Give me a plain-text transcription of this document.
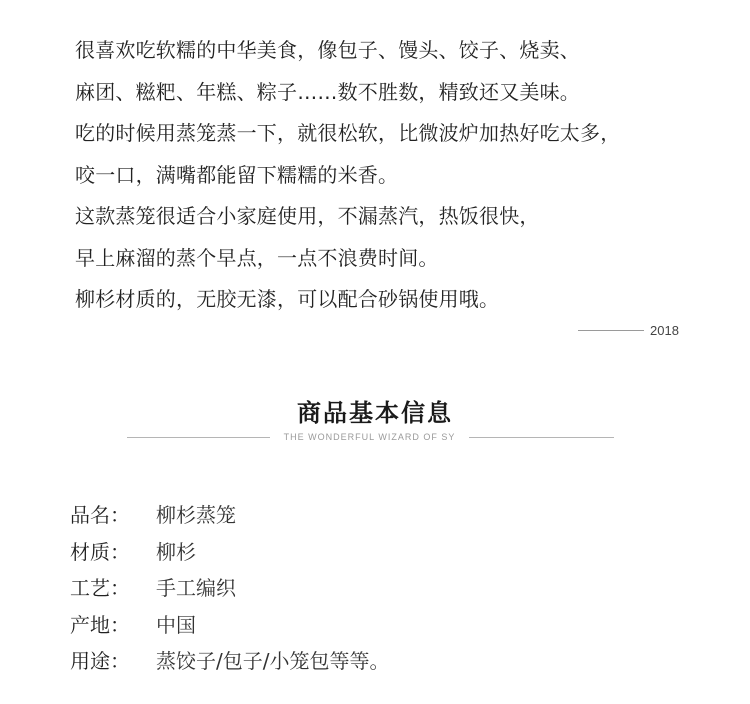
很喜欢吃软糯的中华美食，像包子、馒头、饺子、烧卖、
麻团、糍粑、年糕、粽子……数不胜数，精致还又美味。
吃的时候用蒸笼蒸一下，就很松软，比微波炉加热好吃太多，
咬一口，满嘴都能留下糯糯的米香。
这款蒸笼很适合小家庭使用，不漏蒸汽，热饭很快，
早上麻溜的蒸个早点，一点不浪费时间。
柳杉材质的，无胶无漆，可以配合砂锅使用哦。
2018
商品基本信息
THE WONDERFUL WIZARD OF SY
品名： 柳杉蒸笼
材质： 柳杉
工艺： 手工编织
产地： 中国
用途： 蒸饺子/包子/小笼包等等。
